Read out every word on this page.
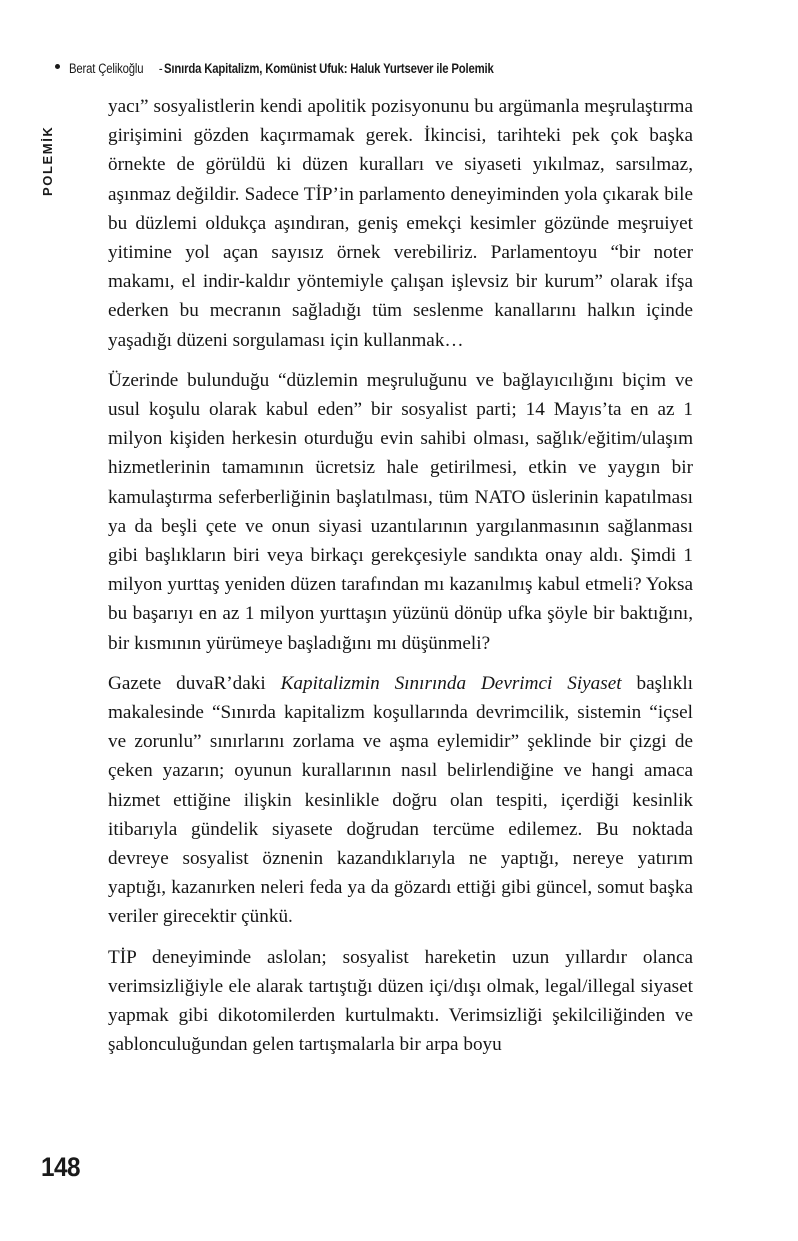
Berat Çelikoğlu - Sınırda Kapitalizm, Komünist Ufuk: Haluk Yurtsever ile Polemik
POLEMİK

yacı” sosyalistlerin kendi apolitik pozisyonunu bu argümanla meşrulaştırma girişimini gözden kaçırmamak gerek. İkincisi, tarihteki pek çok başka örnekte de görüldü ki düzen kuralları ve siyaseti yıkılmaz, sarsılmaz, aşınmaz değildir. Sadece TİP’in parlamento deneyiminden yola çıkarak bile bu düzlemi oldukça aşındıran, geniş emekçi kesimler gözünde meşruiyet yitimine yol açan sayısız örnek verebiliriz. Parlamentoyu “bir noter makamı, el indir-kaldır yöntemiyle çalışan işlevsiz bir kurum” olarak ifşa ederken bu mecranın sağladığı tüm seslenme kanallarını halkın içinde yaşadığı düzeni sorgulaması için kullanmak…

Üzerinde bulunduğu “düzlemin meşruluğunu ve bağlayıcılığını biçim ve usul koşulu olarak kabul eden” bir sosyalist parti; 14 Mayıs’ta en az 1 milyon kişiden herkesin oturduğu evin sahibi olması, sağlık/eğitim/ulaşım hizmetlerinin tamamının ücretsiz hale getirilmesi, etkin ve yaygın bir kamulaştırma seferberliğinin başlatılması, tüm NATO üslerinin kapatılması ya da beşli çete ve onun siyasi uzantılarının yargılanmasının sağlanması gibi başlıkların biri veya birkaçı gerekçesiyle sandıkta onay aldı. Şimdi 1 milyon yurttaş yeniden düzen tarafından mı kazanılmış kabul etmeli? Yoksa bu başarıyı en az 1 milyon yurttaşın yüzünü dönüp ufka şöyle bir baktığını, bir kısmının yürümeye başladığını mı düşünmeli?

Gazete duvaR’daki Kapitalizmin Sınırında Devrimci Siyaset başlıklı makalesinde “Sınırda kapitalizm koşullarında devrimcilik, sistemin “içsel ve zorunlu” sınırlarını zorlama ve aşma eylemidir” şeklinde bir çizgi de çeken yazarın; oyunun kurallarının nasıl belirlendiğine ve hangi amaca hizmet ettiğine ilişkin kesinlikle doğru olan tespiti, içerdiği kesinlik itibarıyla gündelik siyasete doğrudan tercüme edilemez. Bu noktada devreye sosyalist öznenin kazandıklarıyla ne yaptığı, nereye yatırım yaptığı, kazanırken neleri feda ya da gözardı ettiği gibi güncel, somut başka veriler girecektir çünkü.

TİP deneyiminde aslolan; sosyalist hareketin uzun yıllardır olanca verimsizliğiyle ele alarak tartıştığı düzen içi/dışı olmak, legal/illegal siyaset yapmak gibi dikotomilerden kurtulmaktı. Verimsizliği şekilciliğinden ve şablonculuğundan gelen tartışmalarla bir arpa boyu

148
